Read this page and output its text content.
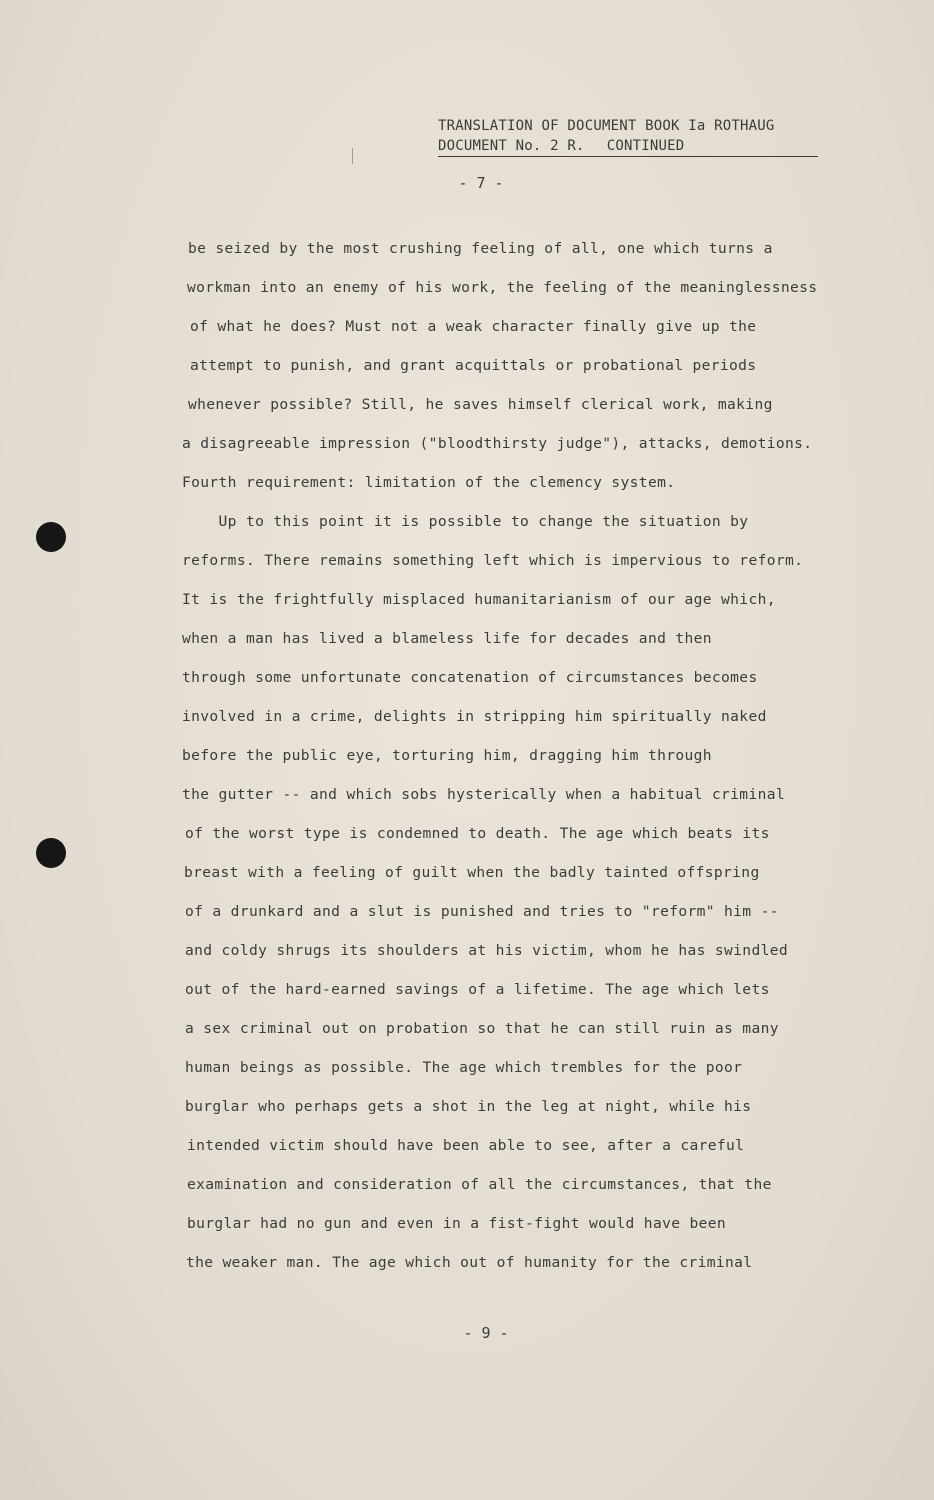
TRANSLATION OF DOCUMENT BOOK Ia ROTHAUG
DOCUMENT No. 2 R. CONTINUED
- 7 -
be seized by the most crushing feeling of all, one which turns a
workman into an enemy of his work, the feeling of the meaninglessness
of what he does? Must not a weak character finally give up the
attempt to punish, and grant acquittals or probational periods
whenever possible? Still, he saves himself clerical work, making
a disagreeable impression ("bloodthirsty judge"), attacks, demotions.
Fourth requirement: limitation of the clemency system.
Up to this point it is possible to change the situation by
reforms. There remains something left which is impervious to reform.
It is the frightfully misplaced humanitarianism of our age which,
when a man has lived a blameless life for decades and then
through some unfortunate concatenation of circumstances becomes
involved in a crime, delights in stripping him spiritually naked
before the public eye, torturing him, dragging him through
the gutter -- and which sobs hysterically when a habitual criminal
of the worst type is condemned to death. The age which beats its
breast with a feeling of guilt when the badly tainted offspring
of a drunkard and a slut is punished and tries to "reform" him --
and coldy shrugs its shoulders at his victim, whom he has swindled
out of the hard-earned savings of a lifetime. The age which lets
a sex criminal out on probation so that he can still ruin as many
human beings as possible. The age which trembles for the poor
burglar who perhaps gets a shot in the leg at night, while his
intended victim should have been able to see, after a careful
examination and consideration of all the circumstances, that the
burglar had no gun and even in a fist-fight would have been
the weaker man. The age which out of humanity for the criminal
- 9 -
